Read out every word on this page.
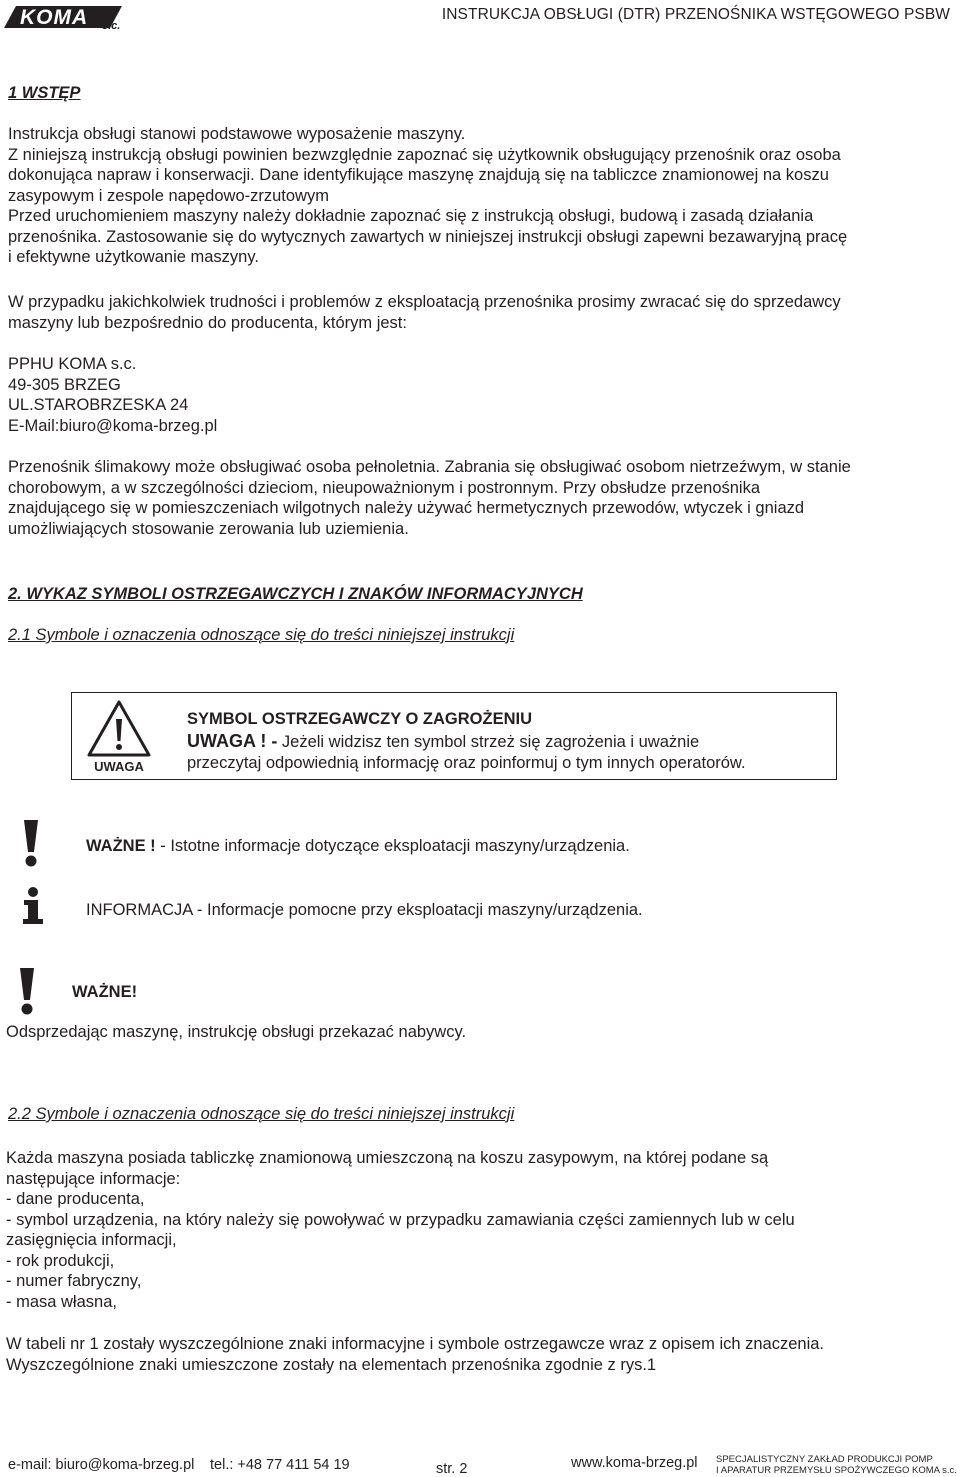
KOMA s.c.
INSTRUKCJA OBSŁUGI (DTR) PRZENOŚNIKA WSTĘGOWEGO PSBW
1 WSTĘP
Instrukcja obsługi stanowi podstawowe wyposażenie maszyny.
Z niniejszą instrukcją obsługi powinien bezwzględnie zapoznać się użytkownik obsługujący przenośnik oraz osoba
dokonująca napraw i konserwacji. Dane identyfikujące maszynę znajdują się na tabliczce znamionowej na koszu
zasypowym i zespole napędowo-zrzutowym
Przed uruchomieniem maszyny należy dokładnie zapoznać się z instrukcją obsługi, budową i zasadą działania
przenośnika. Zastosowanie się do wytycznych zawartych w niniejszej instrukcji obsługi zapewni bezawaryjną pracę
i efektywne użytkowanie maszyny.
W przypadku jakichkolwiek trudności i problemów z eksploatacją przenośnika prosimy zwracać się do sprzedawcy
maszyny lub bezpośrednio do producenta, którym jest:
PPHU KOMA s.c.
49-305 BRZEG
UL.STAROBRZESKA 24
E-Mail:biuro@koma-brzeg.pl
Przenośnik ślimakowy może obsługiwać osoba pełnoletnia. Zabrania się obsługiwać osobom nietrzeźwym, w stanie
chorobowym, a w szczególności dzieciom, nieupoważnionym i postronnym. Przy obsłudze przenośnika
znajdującego się w pomieszczeniach wilgotnych należy używać hermetycznych przewodów, wtyczek i gniazd
umożliwiających stosowanie zerowania lub uziemienia.
2. WYKAZ SYMBOLI OSTRZEGAWCZYCH I ZNAKÓW INFORMACYJNYCH
2.1 Symbole i oznaczenia odnoszące się do treści niniejszej instrukcji
UWAGA
SYMBOL OSTRZEGAWCZY O ZAGROŻENIU
UWAGA ! - Jeżeli widzisz ten symbol strzeż się zagrożenia i uważnie
przeczytaj odpowiednią informację oraz poinformuj o tym innych operatorów.
WAŻNE ! - Istotne informacje dotyczące eksploatacji maszyny/urządzenia.
INFORMACJA - Informacje pomocne przy eksploatacji maszyny/urządzenia.
WAŻNE!
Odsprzedając maszynę, instrukcję obsługi przekazać nabywcy.
2.2 Symbole i oznaczenia odnoszące się do treści niniejszej instrukcji
Każda maszyna posiada tabliczkę znamionową umieszczoną na koszu zasypowym, na której podane są
następujące informacje:
- dane producenta,
- symbol urządzenia, na który należy się powoływać w przypadku zamawiania części zamiennych lub w celu
zasięgnięcia informacji,
- rok produkcji,
- numer fabryczny,
- masa własna,
W tabeli nr 1 zostały wyszczególnione znaki informacyjne i symbole ostrzegawcze wraz z opisem ich znaczenia.
Wyszczególnione znaki umieszczone zostały na elementach przenośnika zgodnie z rys.1
e-mail: biuro@koma-brzeg.pl tel.: +48 77 411 54 19	str. 2	www.koma-brzeg.pl SPECJALISTYCZNY ZAKŁAD PRODUKCJI POMP
I APARATUR PRZEMYSŁU SPOŻYWCZEGO KOMA s.c.
